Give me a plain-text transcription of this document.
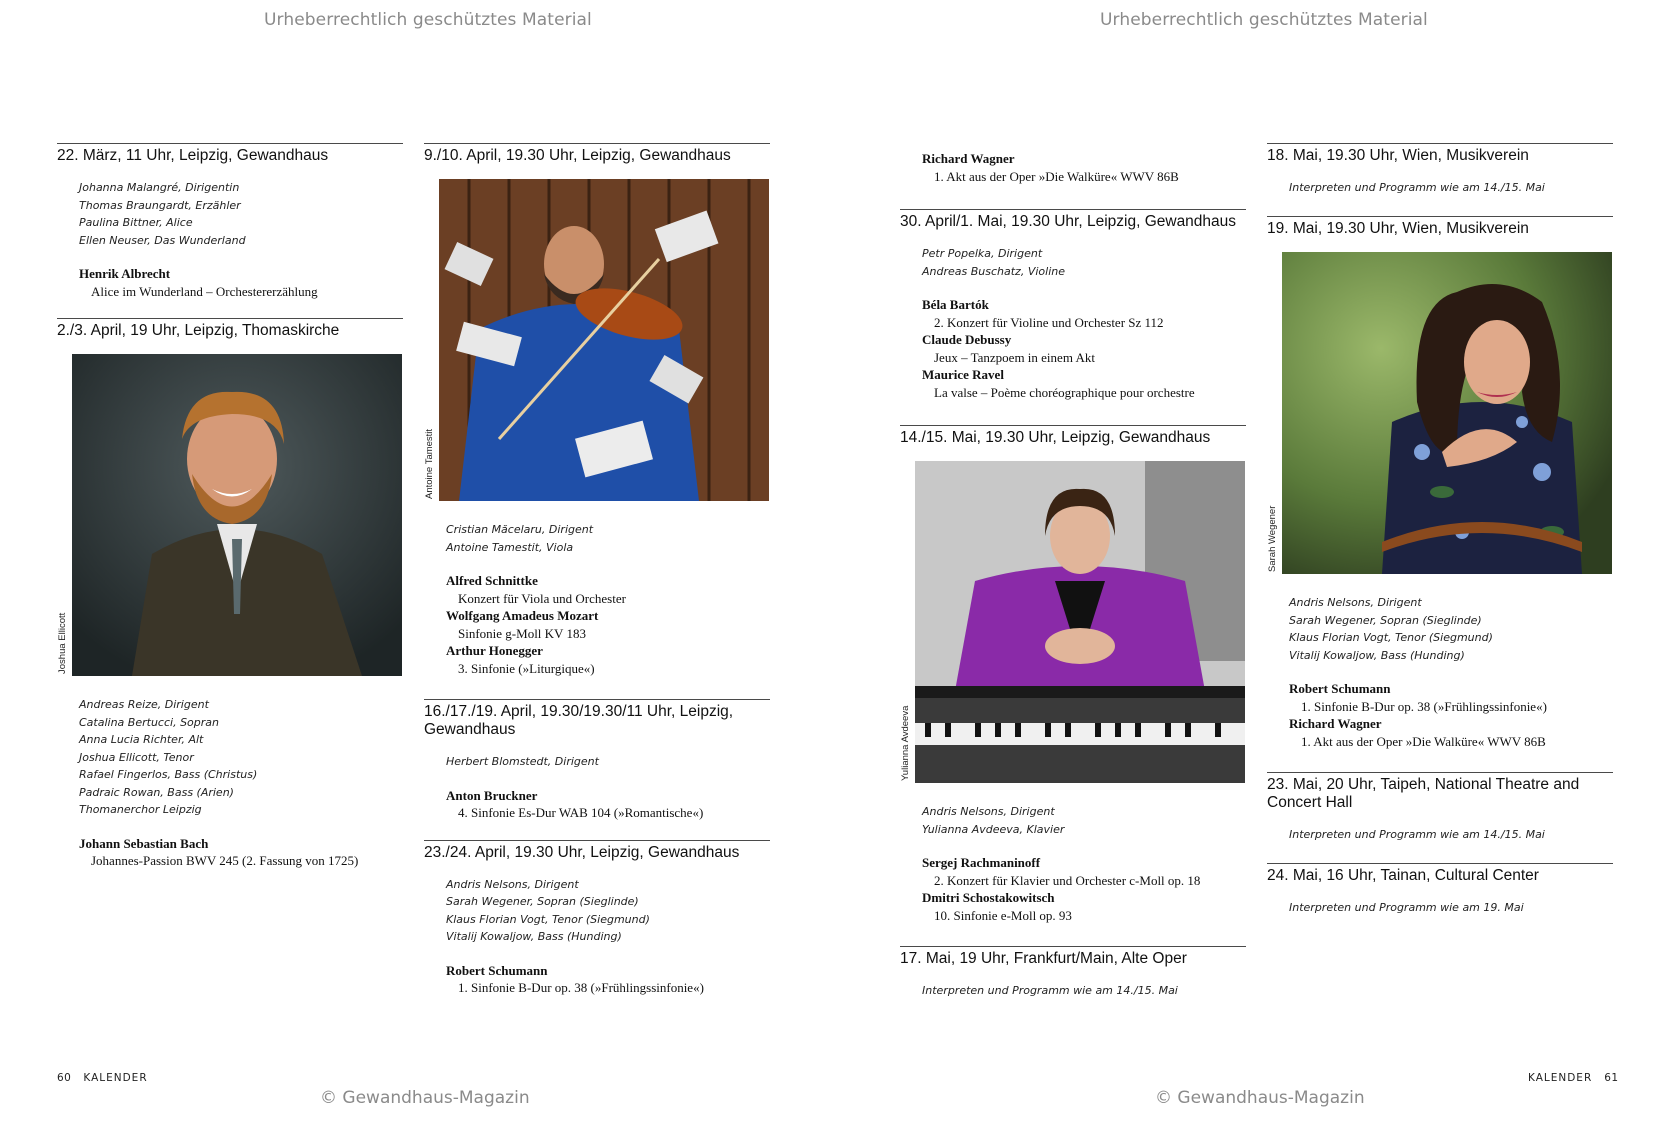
Urheberrechtlich geschütztes Material	Urheberrechtlich geschütztes Material
22. März, 11 Uhr, Leipzig, Gewandhaus
Johanna Malangré, Dirigentin
Thomas Braungardt, Erzähler
Paulina Bittner, Alice
Ellen Neuser, Das Wunderland
Henrik Albrecht
Alice im Wunderland – Orchestererzählung
2./3. April, 19 Uhr, Leipzig, Thomaskirche
Joshua Ellicott
Andreas Reize, Dirigent
Catalina Bertucci, Sopran
Anna Lucia Richter, Alt
Joshua Ellicott, Tenor
Rafael Fingerlos, Bass (Christus)
Padraic Rowan, Bass (Arien)
Thomanerchor Leipzig
Johann Sebastian Bach
Johannes-Passion BWV 245 (2. Fassung von 1725)
9./10. April, 19.30 Uhr, Leipzig, Gewandhaus
Antoine Tamestit
Cristian Măcelaru, Dirigent
Antoine Tamestit, Viola
Alfred Schnittke
Konzert für Viola und Orchester
Wolfgang Amadeus Mozart
Sinfonie g-Moll KV 183
Arthur Honegger
3. Sinfonie (»Liturgique«)
16./17./19. April, 19.30/19.30/11 Uhr, Leipzig, Gewandhaus
Herbert Blomstedt, Dirigent
Anton Bruckner
4. Sinfonie Es-Dur WAB 104 (»Romantische«)
23./24. April, 19.30 Uhr, Leipzig, Gewandhaus
Andris Nelsons, Dirigent
Sarah Wegener, Sopran (Sieglinde)
Klaus Florian Vogt, Tenor (Siegmund)
Vitalij Kowaljow, Bass (Hunding)
Robert Schumann
1. Sinfonie B-Dur op. 38 (»Frühlingssinfonie«)
Richard Wagner
1. Akt aus der Oper »Die Walküre« WWV 86B
30. April/1. Mai, 19.30 Uhr, Leipzig, Gewandhaus
Petr Popelka, Dirigent
Andreas Buschatz, Violine
Béla Bartók
2. Konzert für Violine und Orchester Sz 112
Claude Debussy
Jeux – Tanzpoem in einem Akt
Maurice Ravel
La valse – Poème choréographique pour orchestre
14./15. Mai, 19.30 Uhr, Leipzig, Gewandhaus
Yulianna Avdeeva
Andris Nelsons, Dirigent
Yulianna Avdeeva, Klavier
Sergej Rachmaninoff
2. Konzert für Klavier und Orchester c-Moll op. 18
Dmitri Schostakowitsch
10. Sinfonie e-Moll op. 93
17. Mai, 19 Uhr, Frankfurt/Main, Alte Oper
Interpreten und Programm wie am 14./15. Mai
18. Mai, 19.30 Uhr, Wien, Musikverein
Interpreten und Programm wie am 14./15. Mai
19. Mai, 19.30 Uhr, Wien, Musikverein
Sarah Wegener
Andris Nelsons, Dirigent
Sarah Wegener, Sopran (Sieglinde)
Klaus Florian Vogt, Tenor (Siegmund)
Vitalij Kowaljow, Bass (Hunding)
Robert Schumann
1. Sinfonie B-Dur op. 38 (»Frühlingssinfonie«)
Richard Wagner
1. Akt aus der Oper »Die Walküre« WWV 86B
23. Mai, 20 Uhr, Taipeh, National Theatre and Concert Hall
Interpreten und Programm wie am 14./15. Mai
24. Mai, 16 Uhr, Tainan, Cultural Center
Interpreten und Programm wie am 19. Mai
60 KALENDER	KALENDER 61
© Gewandhaus-Magazin	© Gewandhaus-Magazin
